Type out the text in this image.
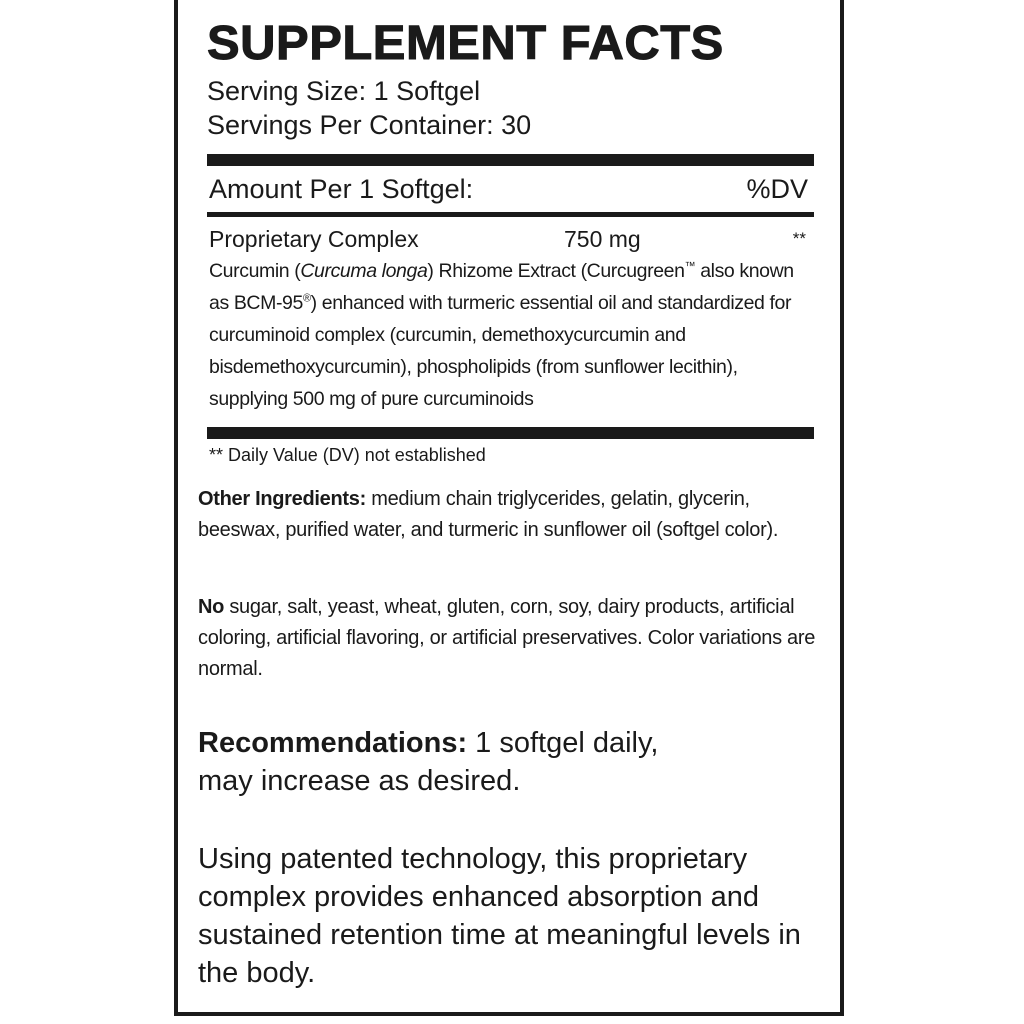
SUPPLEMENT FACTS
Serving Size: 1 Softgel
Servings Per Container: 30
Amount Per 1 Softgel:	%DV
Proprietary Complex	750 mg	**
Curcumin (Curcuma longa) Rhizome Extract (Curcugreen™ also known as BCM-95®) enhanced with turmeric essential oil and standardized for curcuminoid complex (curcumin, demethoxycurcumin and bisdemethoxycurcumin), phospholipids (from sunflower lecithin), supplying 500 mg of pure curcuminoids
** Daily Value (DV) not established
Other Ingredients: medium chain triglycerides, gelatin, glycerin, beeswax, purified water, and turmeric in sunflower oil (softgel color).
No sugar, salt, yeast, wheat, gluten, corn, soy, dairy products, artificial coloring, artificial flavoring, or artificial preservatives. Color variations are normal.
Recommendations: 1 softgel daily, may increase as desired.
Using patented technology, this proprietary complex provides enhanced absorption and sustained retention time at meaningful levels in the body.
